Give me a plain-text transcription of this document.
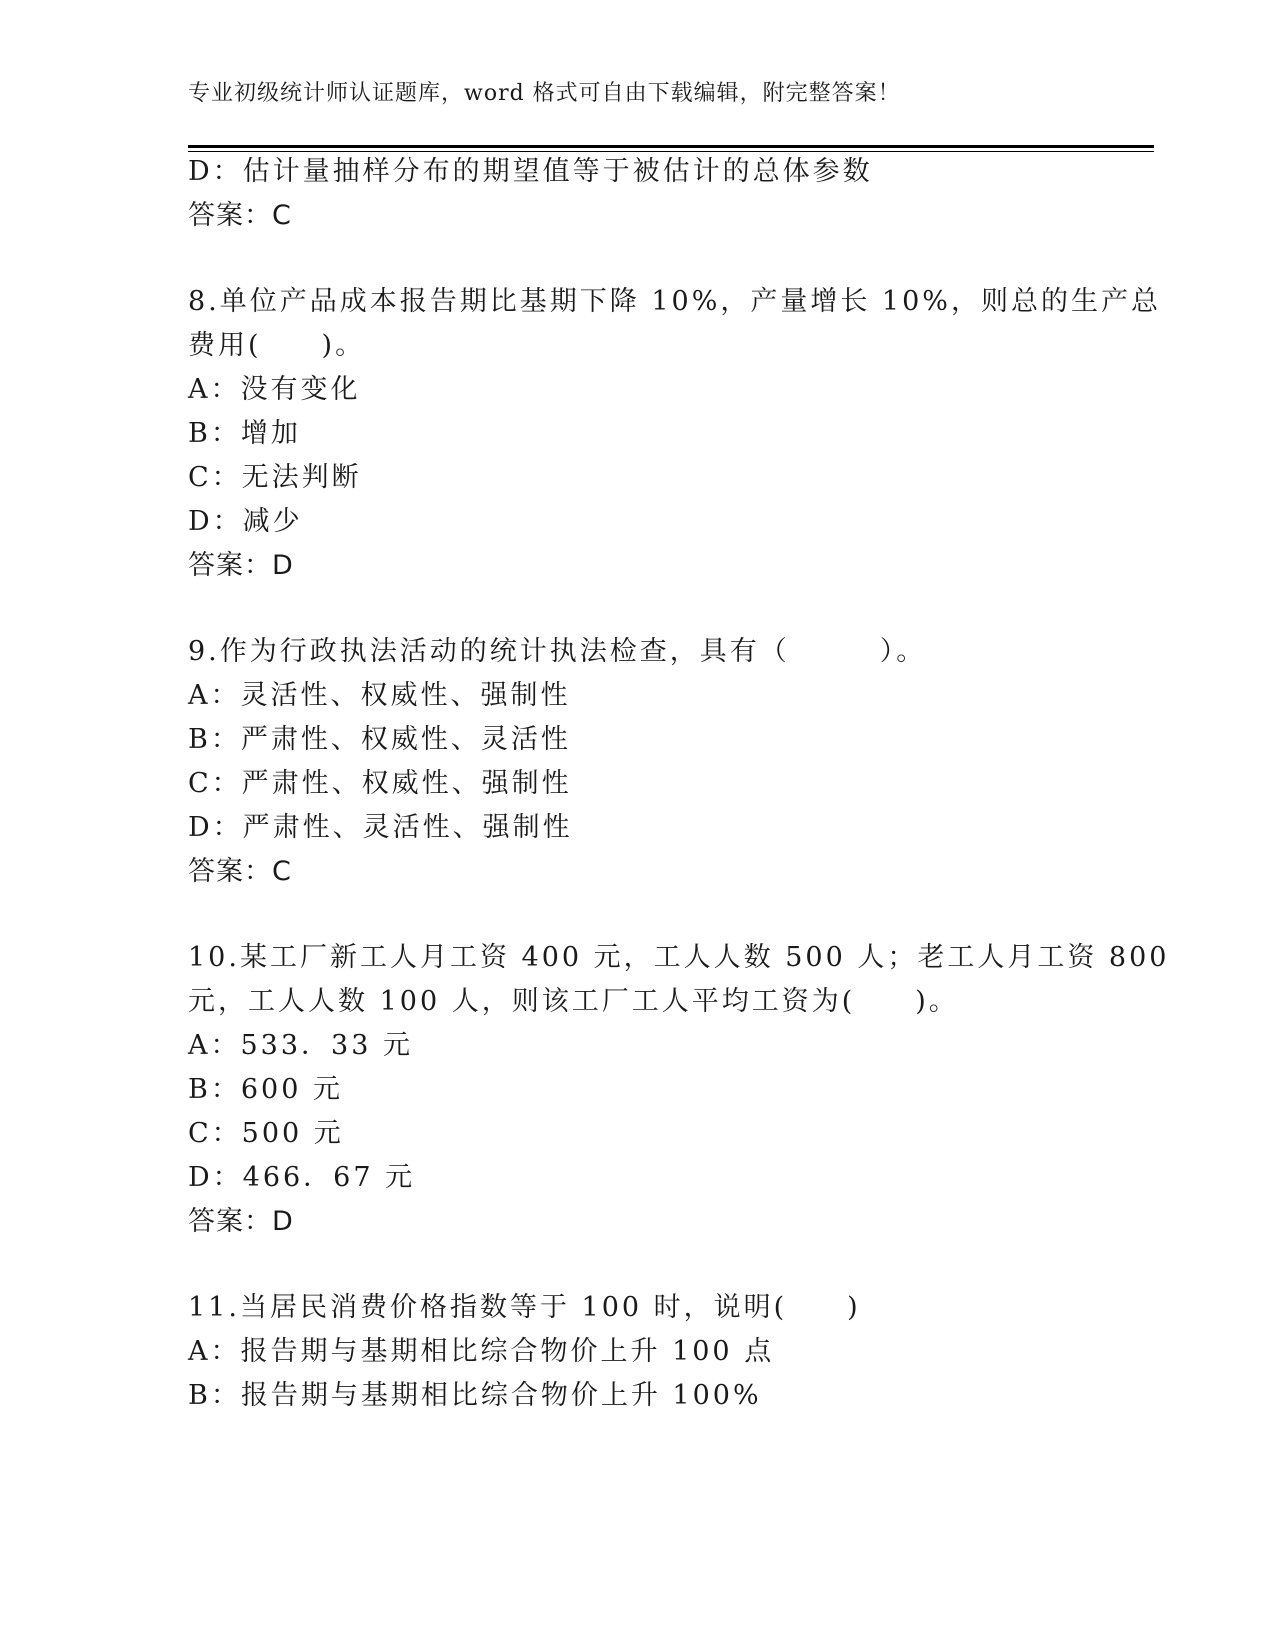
专业初级统计师认证题库，word 格式可自由下载编辑，附完整答案！
D：估计量抽样分布的期望值等于被估计的总体参数
答案：C
8.单位产品成本报告期比基期下降 10%，产量增长 10%，则总的生产总
费用(　　)。
A：没有变化
B：增加
C：无法判断
D：减少
答案：D
9.作为行政执法活动的统计执法检查，具有（　　　）。
A：灵活性、权威性、强制性
B：严肃性、权威性、灵活性
C：严肃性、权威性、强制性
D：严肃性、灵活性、强制性
答案：C
10.某工厂新工人月工资 400 元，工人人数 500 人；老工人月工资 800
元，工人人数 100 人，则该工厂工人平均工资为(　　)。
A：533．33 元
B：600 元
C：500 元
D：466．67 元
答案：D
11.当居民消费价格指数等于 100 时，说明(　　)
A：报告期与基期相比综合物价上升 100 点
B：报告期与基期相比综合物价上升 100%
